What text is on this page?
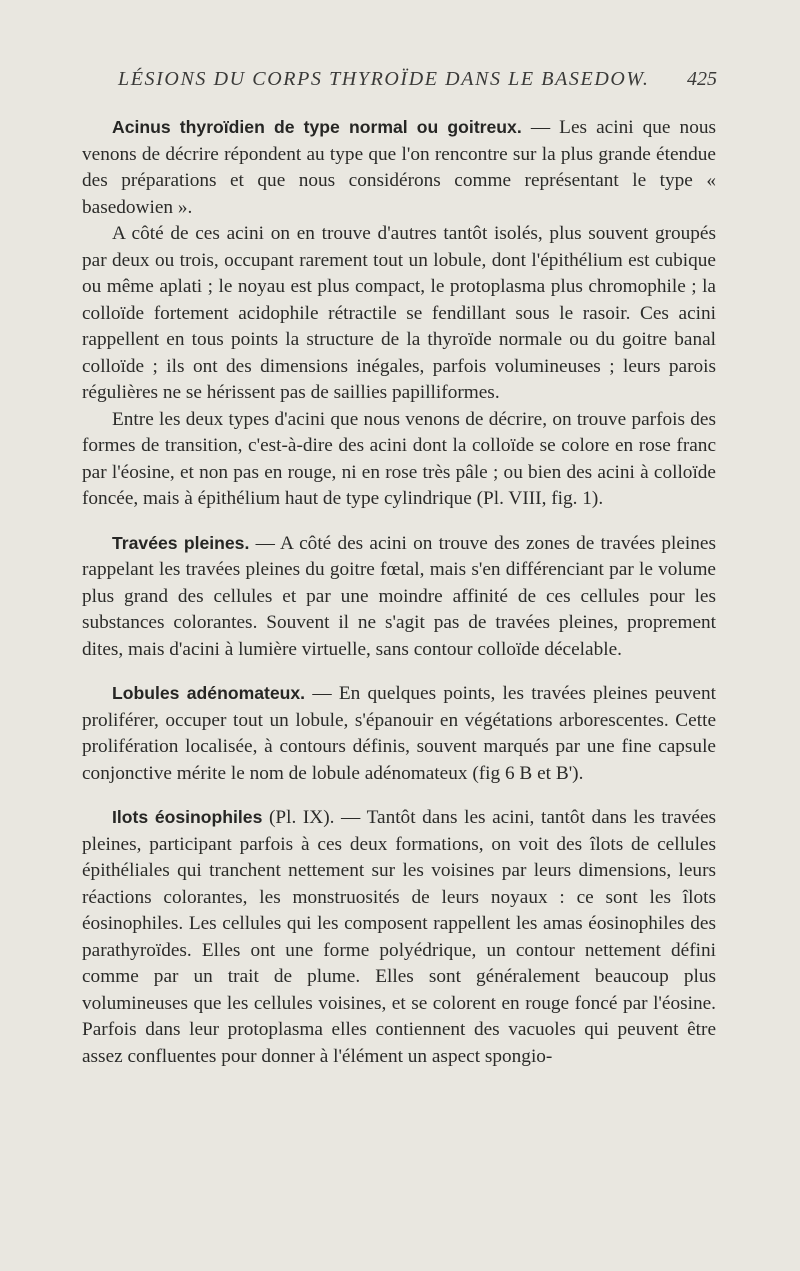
LÉSIONS DU CORPS THYROÏDE DANS LE BASEDOW. 425

Acinus thyroïdien de type normal ou goitreux. — Les acini que nous venons de décrire répondent au type que l'on rencontre sur la plus grande étendue des préparations et que nous considérons comme représentant le type « basedowien ».

A côté de ces acini on en trouve d'autres tantôt isolés, plus souvent groupés par deux ou trois, occupant rarement tout un lobule, dont l'épithélium est cubique ou même aplati ; le noyau est plus compact, le protoplasma plus chromophile ; la colloïde fortement acidophile rétractile se fendillant sous le rasoir. Ces acini rappellent en tous points la structure de la thyroïde normale ou du goitre banal colloïde ; ils ont des dimensions inégales, parfois volumineuses ; leurs parois régulières ne se hérissent pas de saillies papilliformes.

Entre les deux types d'acini que nous venons de décrire, on trouve parfois des formes de transition, c'est-à-dire des acini dont la colloïde se colore en rose franc par l'éosine, et non pas en rouge, ni en rose très pâle ; ou bien des acini à colloïde foncée, mais à épithélium haut de type cylindrique (Pl. VIII, fig. 1).

Travées pleines. — A côté des acini on trouve des zones de travées pleines rappelant les travées pleines du goitre fœtal, mais s'en différenciant par le volume plus grand des cellules et par une moindre affinité de ces cellules pour les substances colorantes. Souvent il ne s'agit pas de travées pleines, proprement dites, mais d'acini à lumière virtuelle, sans contour colloïde décelable.

Lobules adénomateux. — En quelques points, les travées pleines peuvent proliférer, occuper tout un lobule, s'épanouir en végétations arborescentes. Cette prolifération localisée, à contours définis, souvent marqués par une fine capsule conjonctive mérite le nom de lobule adénomateux (fig 6 B et B').

Ilots éosinophiles (Pl. IX). — Tantôt dans les acini, tantôt dans les travées pleines, participant parfois à ces deux formations, on voit des îlots de cellules épithéliales qui tranchent nettement sur les voisines par leurs dimensions, leurs réactions colorantes, les monstruosités de leurs noyaux : ce sont les îlots éosinophiles. Les cellules qui les composent rappellent les amas éosinophiles des parathyroïdes. Elles ont une forme polyédrique, un contour nettement défini comme par un trait de plume. Elles sont généralement beaucoup plus volumineuses que les cellules voisines, et se colorent en rouge foncé par l'éosine. Parfois dans leur protoplasma elles contiennent des vacuoles qui peuvent être assez confluentes pour donner à l'élément un aspect spongio-
